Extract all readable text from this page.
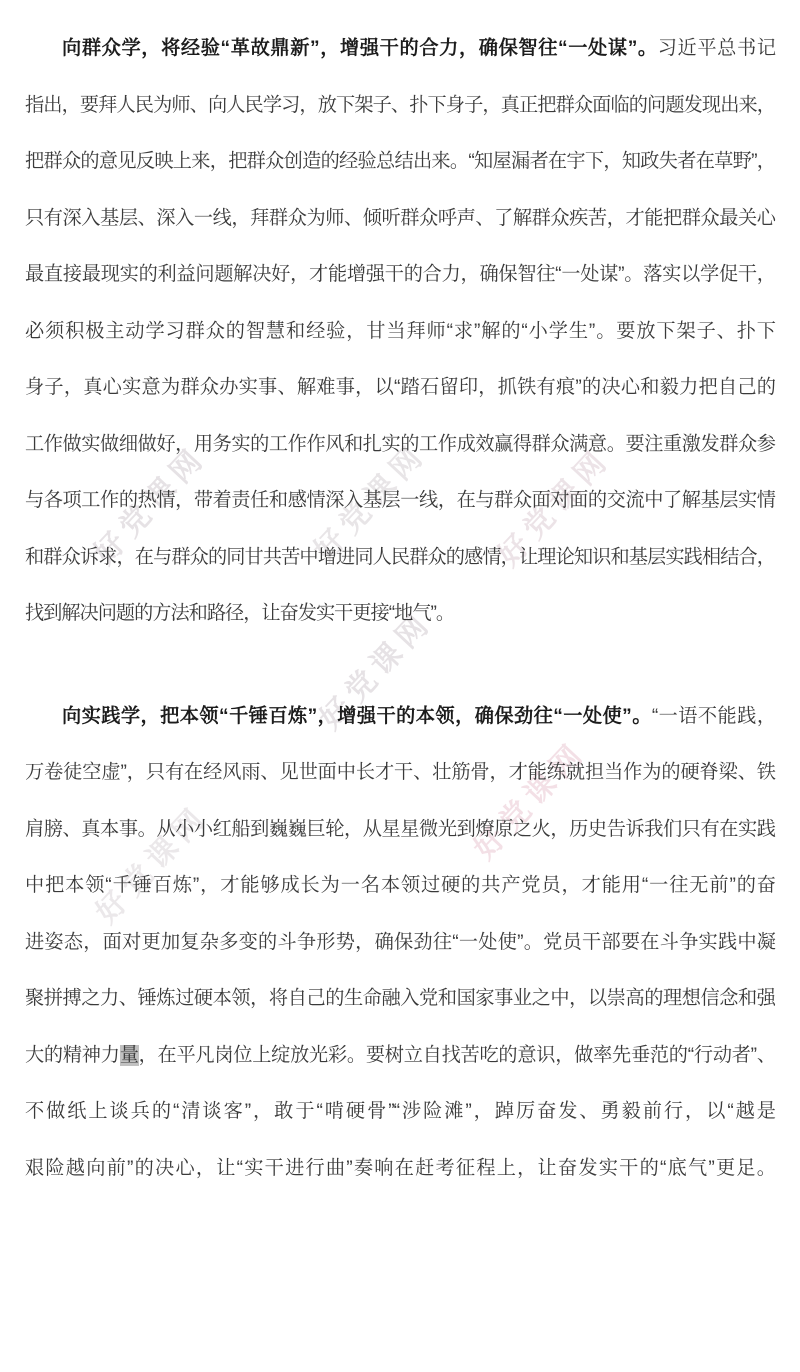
好党课网	好党课网 好党课网
好党课网
好党课网
好党课网
向群众学，将经验“革故鼎新”，增强干的合力，确保智往“一处谋”。习近平总书记
指出，要拜人民为师、向人民学习，放下架子、扑下身子，真正把群众面临的问题发现出来，
把群众的意见反映上来，把群众创造的经验总结出来。“知屋漏者在宇下，知政失者在草野”，
只有深入基层、深入一线，拜群众为师、倾听群众呼声、了解群众疾苦，才能把群众最关心
最直接最现实的利益问题解决好，才能增强干的合力，确保智往“一处谋”。落实以学促干，
必须积极主动学习群众的智慧和经验，甘当拜师“求”解的“小学生”。要放下架子、扑下
身子，真心实意为群众办实事、解难事，以“踏石留印，抓铁有痕”的决心和毅力把自己的
工作做实做细做好，用务实的工作作风和扎实的工作成效赢得群众满意。要注重激发群众参
与各项工作的热情，带着责任和感情深入基层一线，在与群众面对面的交流中了解基层实情
和群众诉求，在与群众的同甘共苦中增进同人民群众的感情，让理论知识和基层实践相结合，
找到解决问题的方法和路径，让奋发实干更接“地气”。
向实践学，把本领“千锤百炼”，增强干的本领，确保劲往“一处使”。“一语不能践，
万卷徒空虚”，只有在经风雨、见世面中长才干、壮筋骨，才能练就担当作为的硬脊梁、铁
肩膀、真本事。从小小红船到巍巍巨轮，从星星微光到燎原之火，历史告诉我们只有在实践
中把本领“千锤百炼”，才能够成长为一名本领过硬的共产党员，才能用“一往无前”的奋
进姿态，面对更加复杂多变的斗争形势，确保劲往“一处使”。党员干部要在斗争实践中凝
聚拼搏之力、锤炼过硬本领，将自己的生命融入党和国家事业之中，以崇高的理想信念和强
大的精神力量，在平凡岗位上绽放光彩。要树立自找苦吃的意识，做率先垂范的“行动者”、
不做纸上谈兵的“清谈客”，敢于“啃硬骨”“涉险滩”，踔厉奋发、勇毅前行，以“越是
艰险越向前”的决心，让“实干进行曲”奏响在赶考征程上，让奋发实干的“底气”更足。
